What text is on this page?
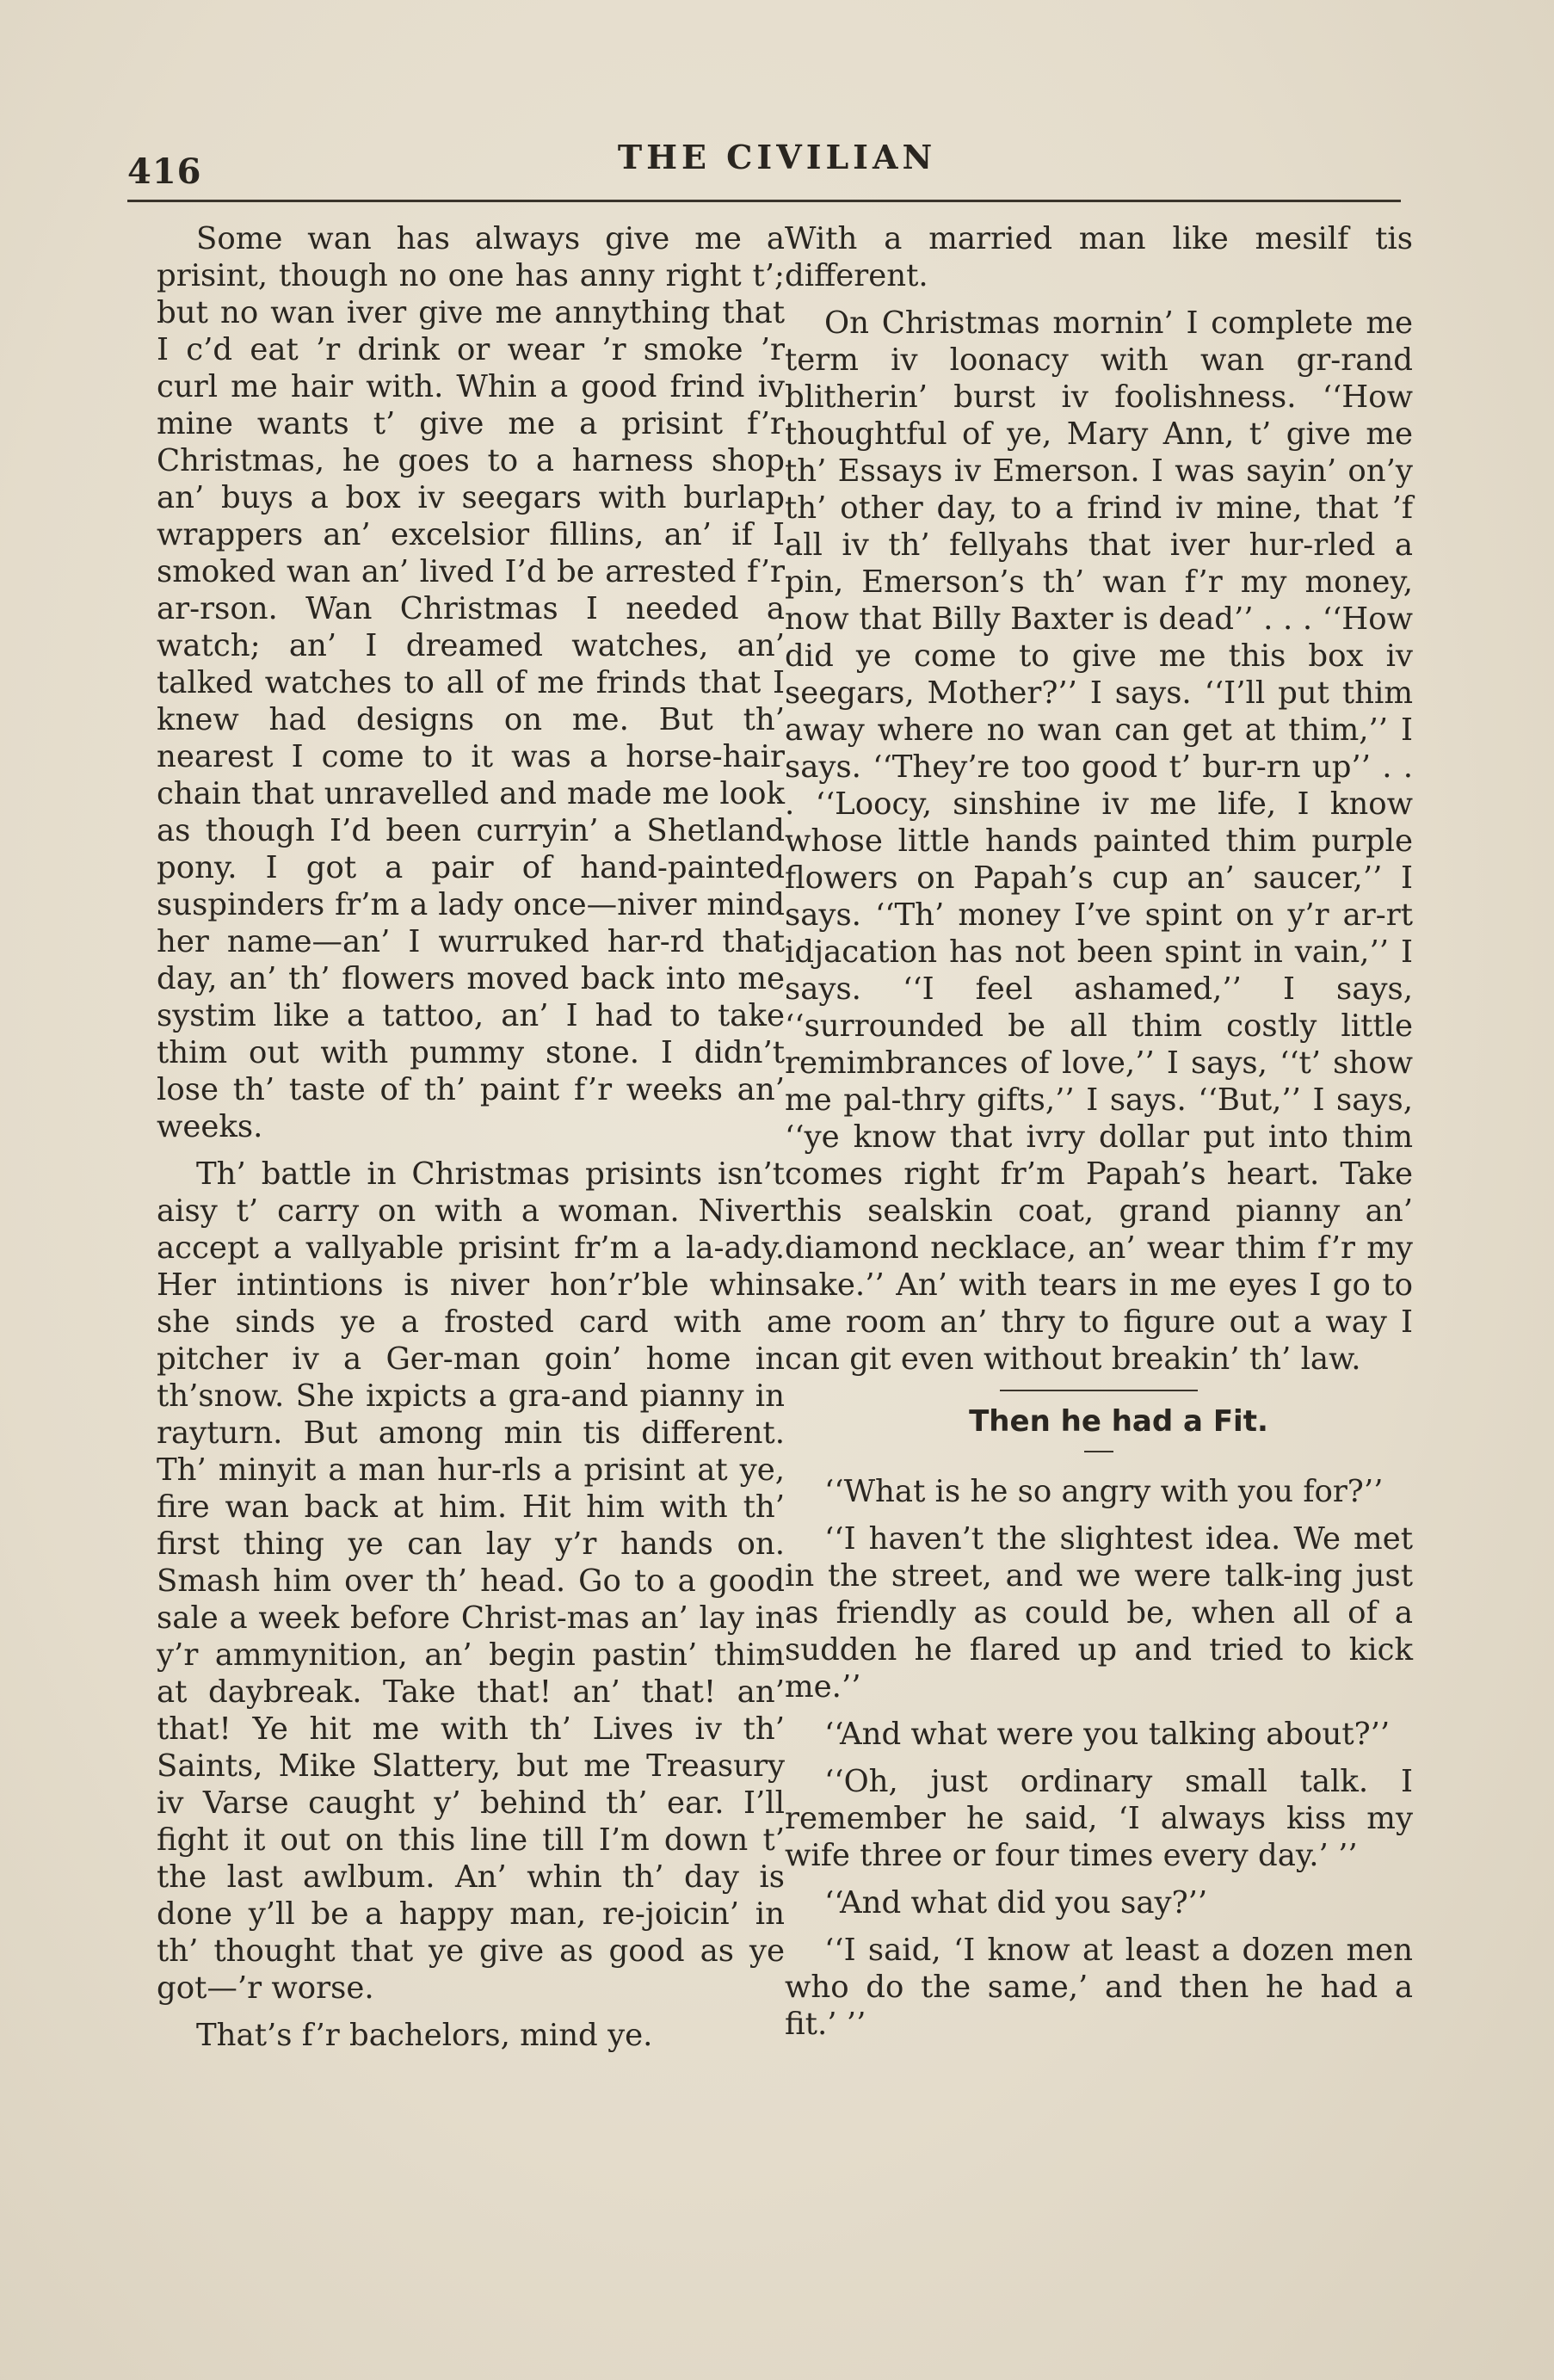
416	THE CIVILIAN

Some wan has always give me a prisint, though no one has anny right t’; but no wan iver give me annything that I c’d eat ’r drink or wear ’r smoke ’r curl me hair with. Whin a good frind iv mine wants t’ give me a prisint f’r Christmas, he goes to a harness shop an’ buys a box iv seegars with burlap wrappers an’ excelsior fillins, an’ if I smoked wan an’ lived I’d be arrested f’r ar-rson. Wan Christmas I needed a watch; an’ I dreamed watches, an’ talked watches to all of me frinds that I knew had designs on me. But th’ nearest I come to it was a horse-hair chain that unravelled and made me look as though I’d been curryin’ a Shetland pony. I got a pair of hand-painted suspinders fr’m a lady once—niver mind her name—an’ I wurruked har-rd that day, an’ th’ flowers moved back into me systim like a tattoo, an’ I had to take thim out with pummy stone. I didn’t lose th’ taste of th’ paint f’r weeks an’ weeks.

Th’ battle in Christmas prisints isn’t aisy t’ carry on with a woman. Niver accept a vallyable prisint fr’m a la-ady. Her intintions is niver hon’r’ble whin she sinds ye a frosted card with a pitcher iv a Ger-man goin’ home in th’snow. She ixpicts a gra-and pianny in rayturn. But among min tis different. Th’ minyit a man hur-rls a prisint at ye, fire wan back at him. Hit him with th’ first thing ye can lay y’r hands on. Smash him over th’ head. Go to a good sale a week before Christ-mas an’ lay in y’r ammynition, an’ begin pastin’ thim at daybreak. Take that! an’ that! an’ that! Ye hit me with th’ Lives iv th’ Saints, Mike Slattery, but me Treasury iv Varse caught y’ behind th’ ear. I’ll fight it out on this line till I’m down t’ the last awlbum. An’ whin th’ day is done y’ll be a happy man, re-joicin’ in th’ thought that ye give as good as ye got—’r worse.

That’s f’r bachelors, mind ye.

With a married man like mesilf tis different.

On Christmas mornin’ I complete me term iv loonacy with wan gr-rand blitherin’ burst iv foolishness. ‘‘How thoughtful of ye, Mary Ann, t’ give me th’ Essays iv Emerson. I was sayin’ on’y th’ other day, to a frind iv mine, that ’f all iv th’ fellyahs that iver hur-rled a pin, Emerson’s th’ wan f’r my money, now that Billy Baxter is dead’’ . . . ‘‘How did ye come to give me this box iv seegars, Mother?’’ I says. ‘‘I’ll put thim away where no wan can get at thim,’’ I says. ‘‘They’re too good t’ bur-rn up’’ . . . ‘‘Loocy, sinshine iv me life, I know whose little hands painted thim purple flowers on Papah’s cup an’ saucer,’’ I says. ‘‘Th’ money I’ve spint on y’r ar-rt idjacation has not been spint in vain,’’ I says. ‘‘I feel ashamed,’’ I says, ‘‘surrounded be all thim costly little remimbrances of love,’’ I says, ‘‘t’ show me pal-thry gifts,’’ I says. ‘‘But,’’ I says, ‘‘ye know that ivry dollar put into thim comes right fr’m Papah’s heart. Take this sealskin coat, grand pianny an’ diamond necklace, an’ wear thim f’r my sake.’’ An’ with tears in me eyes I go to me room an’ thry to figure out a way I can git even without breakin’ th’ law.

Then he had a Fit.

‘‘What is he so angry with you for?’’

‘‘I haven’t the slightest idea. We met in the street, and we were talk-ing just as friendly as could be, when all of a sudden he flared up and tried to kick me.’’

‘‘And what were you talking about?’’

‘‘Oh, just ordinary small talk. I remember he said, ‘I always kiss my wife three or four times every day.’ ’’

‘‘And what did you say?’’

‘‘I said, ‘I know at least a dozen men who do the same,’ and then he had a fit.’ ’’
